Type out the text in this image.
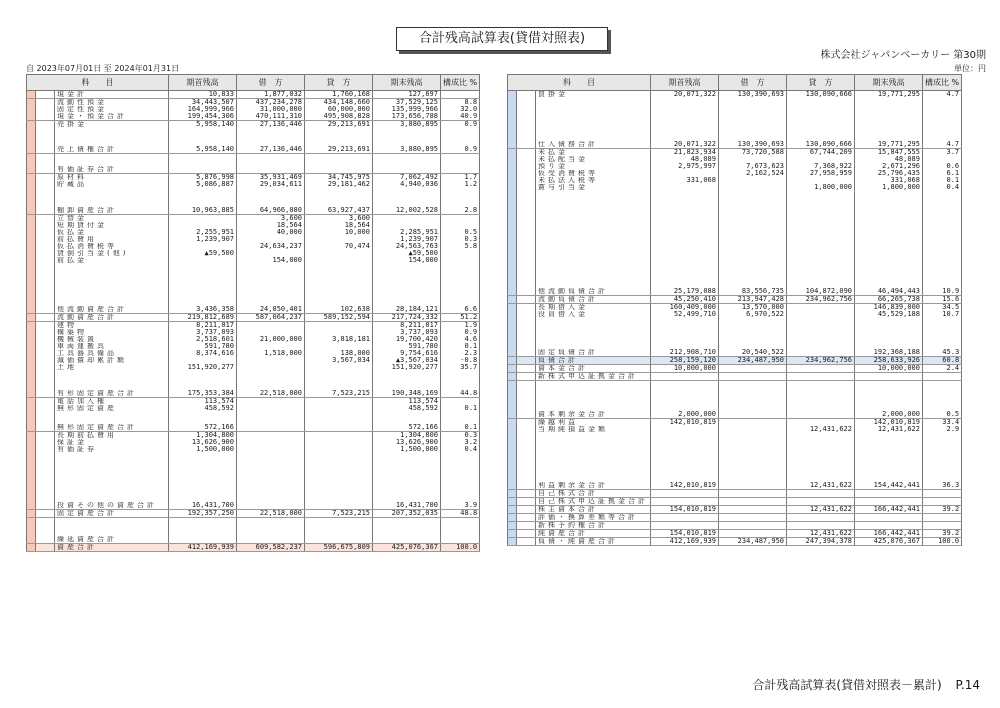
合計残高試算表(貸借対照表)
株式会社ジャパンベーカリー 第30期
自 2023年07月01日 至 2024年01月31日	単位：円
科　　目			期首残高	借　方	貸　方	期末残高	構成比 %
		現金計	10,833	1,877,032	1,760,168	127,697	
		流動性預金	34,443,507	437,234,278	434,148,660	37,529,125	8.8
		固定性預金	164,999,966	31,000,000	60,000,000	135,999,966	32.0
		現金・預金合計	199,454,306	470,111,310	495,908,828	173,656,788	40.9
		売掛金	5,958,140	27,136,446	29,213,691	3,880,895	0.9

		売上債権合計	5,958,140	27,136,446	29,213,691	3,880,895	0.9

		有価証券合計					
		原材料	5,876,998	35,931,469	34,745,975	7,062,492	1.7
		貯蔵品	5,086,887	29,034,611	29,181,462	4,940,036	1.2

		棚卸資産合計	10,963,885	64,966,080	63,927,437	12,002,528	2.8
		立替金		3,600	3,600		
		短期貸付金		18,564	18,564		
		仮払金	2,255,951	40,000	10,000	2,285,951	0.5
		前払費用	1,239,907			1,239,907	0.3
		仮払消費税等		24,634,237	70,474	24,563,763	5.8
		貸倒引当金(他)	▲59,500			▲59,500	
		前払金		154,000		154,000	

		他流動資産合計	3,436,358	24,850,401	102,638	28,184,121	6.6
		流動資産合計	219,812,689	587,064,237	589,152,594	217,724,332	51.2
		建物	8,211,017			8,211,017	1.9
		構築物	3,737,093			3,737,093	0.9
		機械装置	2,518,601	21,000,000	3,818,181	19,700,420	4.6
		車両運搬具	591,780			591,780	0.1
		工具器具備品	8,374,616	1,518,000	138,000	9,754,616	2.3
		減価償却累計額			3,567,034	▲3,567,034	-0.8
		土地	151,920,277			151,920,277	35.7

		有形固定資産合計	175,353,384	22,518,000	7,523,215	190,348,169	44.8
		電話加入権	113,574			113,574	
		無形固定資産	458,592			458,592	0.1

		無形固定資産合計	572,166			572,166	0.1
		長期前払費用	1,304,800			1,304,800	0.3
		保証金	13,626,900			13,626,900	3.2
		有価証券	1,500,000			1,500,000	0.4

		投資その他の資産合計	16,431,700			16,431,700	3.9
		固定資産合計	192,357,250	22,518,000	7,523,215	207,352,035	48.8

		繰延資産合計					
		資産合計	412,169,939	609,582,237	596,675,809	425,076,367	100.0
科　　目			期首残高	借　方	貸　方	期末残高	構成比 %
		買掛金	20,071,322	130,390,693	130,090,666	19,771,295	4.7

		仕入債務合計	20,071,322	130,390,693	130,090,666	19,771,295	4.7
		未払金	21,823,934	73,720,588	67,744,209	15,847,555	3.7
		未払配当金	48,089			48,089	
		預り金	2,975,997	7,673,623	7,368,922	2,671,296	0.6
		仮受消費税等		2,162,524	27,958,959	25,796,435	6.1
		未払法人税等	331,068			331,068	0.1
		賞与引当金			1,800,000	1,800,000	0.4

		他流動負債合計	25,179,088	83,556,735	104,872,090	46,494,443	10.9
		流動負債合計	45,250,410	213,947,428	234,962,756	66,265,738	15.6
		長期借入金	160,409,000	13,570,000		146,839,000	34.5
		役員借入金	52,499,710	6,970,522		45,529,188	10.7

		固定負債合計	212,908,710	20,540,522		192,368,188	45.3
		負債合計	258,159,120	234,487,950	234,962,756	258,633,926	60.8
		資本金合計	10,000,000			10,000,000	2.4
		新株式申込証拠金合計					

		資本剰余金合計	2,000,000			2,000,000	0.5
		繰越利益	142,010,819			142,010,819	33.4
		当期純損益金額			12,431,622	12,431,622	2.9

		利益剰余金合計	142,010,819		12,431,622	154,442,441	36.3
		自己株式合計					
		自己株式申込証拠金合計					
		株主資本合計	154,010,819		12,431,622	166,442,441	39.2
		評価・換算差額等合計					
		新株予約権合計					
		純資産合計	154,010,819		12,431,622	166,442,441	39.2
		負債・純資産合計	412,169,939	234,487,950	247,394,378	425,076,367	100.0
合計残高試算表(貸借対照表－累計) P.14
